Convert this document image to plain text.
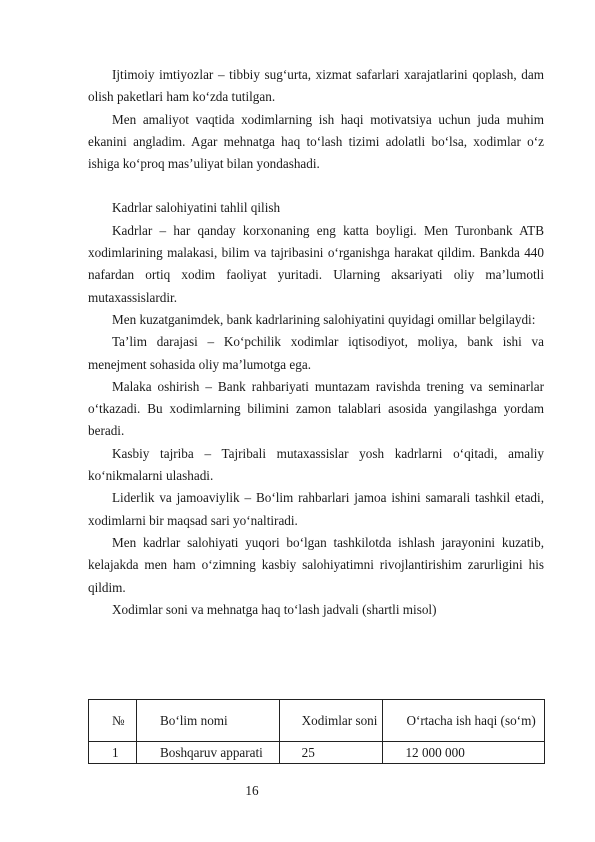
Ijtimoiy imtiyozlar – tibbiy sug‘urta, xizmat safarlari xarajatlarini qoplash, dam olish paketlari ham ko‘zda tutilgan.

Men amaliyot vaqtida xodimlarning ish haqi motivatsiya uchun juda muhim ekanini angladim. Agar mehnatga haq to‘lash tizimi adolatli bo‘lsa, xodimlar o‘z ishiga ko‘proq mas’uliyat bilan yondashadi.

Kadrlar salohiyatini tahlil qilish

Kadrlar – har qanday korxonaning eng katta boyligi. Men Turonbank ATB xodimlarining malakasi, bilim va tajribasini o‘rganishga harakat qildim. Bankda 440 nafardan ortiq xodim faoliyat yuritadi. Ularning aksariyati oliy ma’lumotli mutaxassislardir.

Men kuzatganimdek, bank kadrlarining salohiyatini quyidagi omillar belgilaydi:

Ta’lim darajasi – Ko‘pchilik xodimlar iqtisodiyot, moliya, bank ishi va menejment sohasida oliy ma’lumotga ega.

Malaka oshirish – Bank rahbariyati muntazam ravishda trening va seminarlar o‘tkazadi. Bu xodimlarning bilimini zamon talablari asosida yangilashga yordam beradi.

Kasbiy tajriba – Tajribali mutaxassislar yosh kadrlarni o‘qitadi, amaliy ko‘nikmalarni ulashadi.

Liderlik va jamoaviylik – Bo‘lim rahbarlari jamoa ishini samarali tashkil etadi, xodimlarni bir maqsad sari yo‘naltiradi.

Men kadrlar salohiyati yuqori bo‘lgan tashkilotda ishlash jarayonini kuzatib, kelajakda men ham o‘zimning kasbiy salohiyatimni rivojlantirishim zarurligini his qildim.

Xodimlar soni va mehnatga haq to‘lash jadvali (shartli misol)

№	Bo‘lim nomi	Xodimlar soni	O‘rtacha ish haqi (so‘m)

1	Boshqaruv apparati	25	12 000 000
16
